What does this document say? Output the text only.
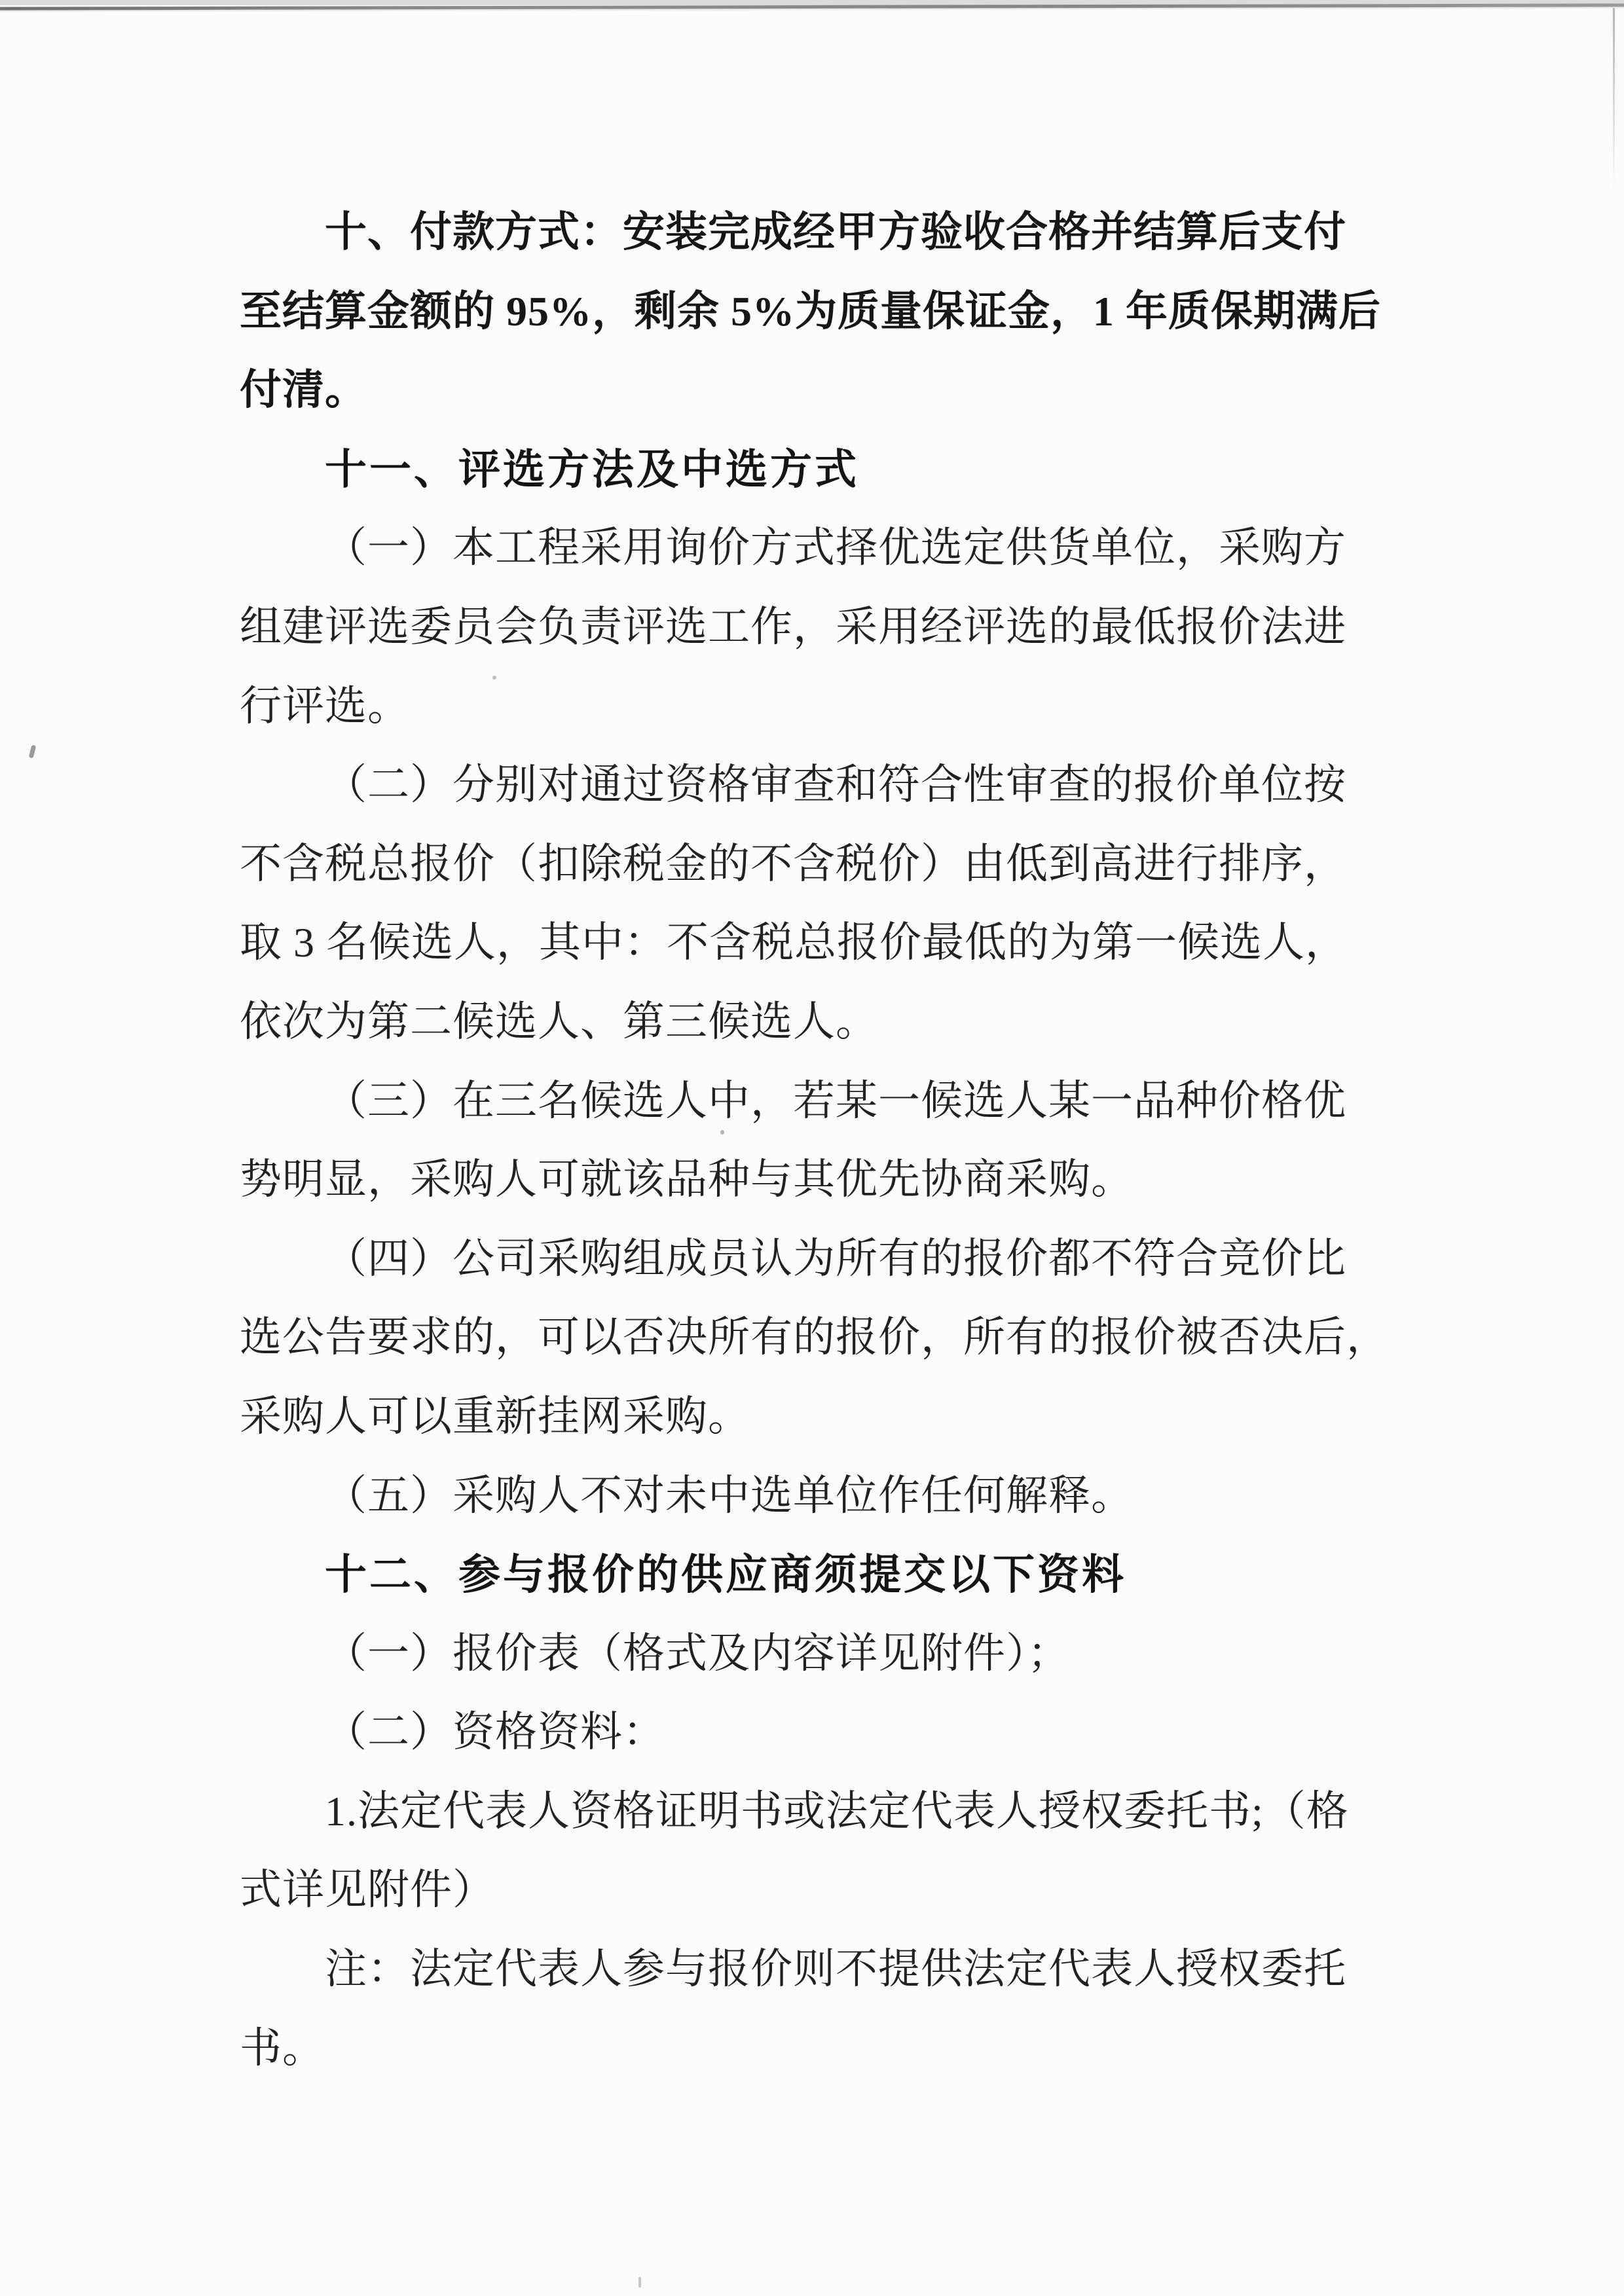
十、付款方式：安装完成经甲方验收合格并结算后支付
至结算金额的 95%，剩余 5%为质量保证金，1 年质保期满后
付清。
十一、评选方法及中选方式
（一）本工程采用询价方式择优选定供货单位，采购方
组建评选委员会负责评选工作，采用经评选的最低报价法进
行评选。
（二）分别对通过资格审查和符合性审查的报价单位按
不含税总报价（扣除税金的不含税价）由低到高进行排序，
取 3 名候选人，其中：不含税总报价最低的为第一候选人，
依次为第二候选人、第三候选人。
（三）在三名候选人中，若某一候选人某一品种价格优
势明显，采购人可就该品种与其优先协商采购。
（四）公司采购组成员认为所有的报价都不符合竞价比
选公告要求的，可以否决所有的报价，所有的报价被否决后，
采购人可以重新挂网采购。
（五）采购人不对未中选单位作任何解释。
十二、参与报价的供应商须提交以下资料
（一）报价表（格式及内容详见附件）；
（二）资格资料：
1.法定代表人资格证明书或法定代表人授权委托书;（格
式详见附件）
注：法定代表人参与报价则不提供法定代表人授权委托
书。
